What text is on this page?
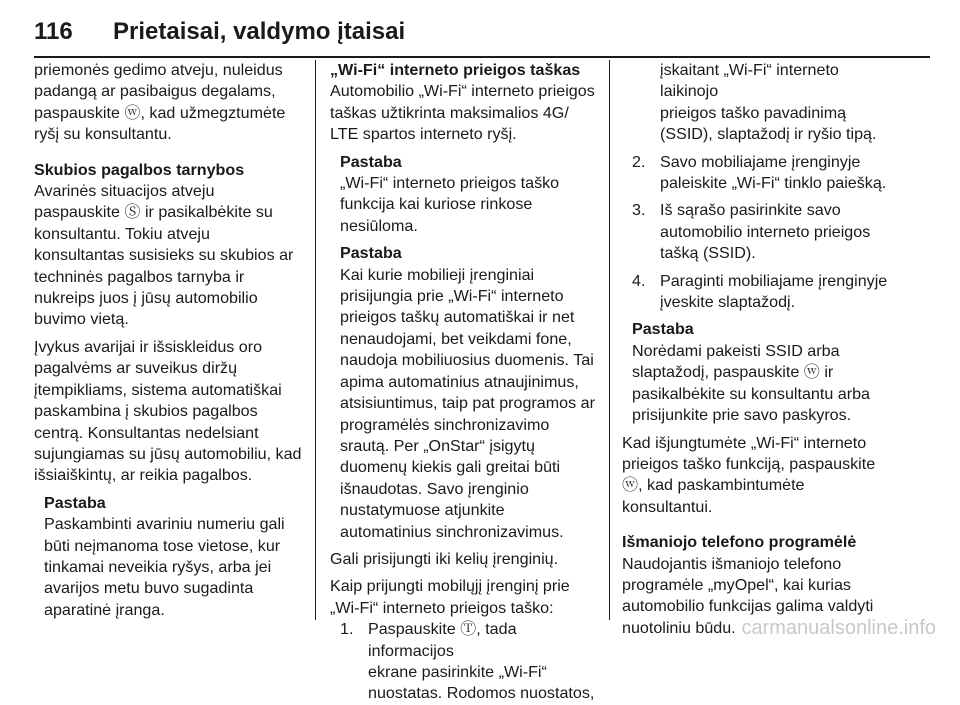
116 Prietaisai, valdymo įtaisai

priemonės gedimo atveju, nuleidus

padangą ar pasibaigus degalams,

paspauskite ⓦ, kad užmegztumėte

ryšį su konsultantu.

Skubios pagalbos tarnybos

Avarinės situacijos atveju

paspauskite Ⓢ ir pasikalbėkite su

konsultantu. Tokiu atveju

konsultantas susisieks su skubios ar

techninės pagalbos tarnyba ir

nukreips juos į jūsų automobilio

buvimo vietą.

Įvykus avarijai ir išsiskleidus oro

pagalvėms ar suveikus diržų

įtempikliams, sistema automatiškai

paskambina į skubios pagalbos

centrą. Konsultantas nedelsiant

sujungiamas su jūsų automobiliu, kad

išsiaiškintų, ar reikia pagalbos.

Pastaba

Paskambinti avariniu numeriu gali

būti neįmanoma tose vietose, kur

tinkamai neveikia ryšys, arba jei

avarijos metu buvo sugadinta

aparatinė įranga.

„Wi-Fi“ interneto prieigos taškas

Automobilio „Wi-Fi“ interneto prieigos

taškas užtikrinta maksimalios 4G/

LTE spartos interneto ryšį.

Pastaba

„Wi-Fi“ interneto prieigos taško

funkcija kai kuriose rinkose

nesiūloma.

Pastaba

Kai kurie mobilieji įrenginiai

prisijungia prie „Wi-Fi“ interneto

prieigos taškų automatiškai ir net

nenaudojami, bet veikdami fone,

naudoja mobiliuosius duomenis. Tai

apima automatinius atnaujinimus,

atsisiuntimus, taip pat programos ar

programėlės sinchronizavimo

srautą. Per „OnStar“ įsigytų

duomenų kiekis gali greitai būti

išnaudotas. Savo įrenginio

nustatymuose atjunkite

automatinius sinchronizavimus.

Gali prisijungti iki kelių įrenginių.

Kaip prijungti mobilųjį įrenginį prie

„Wi-Fi“ interneto prieigos taško:

1. Paspauskite Ⓣ, tada informacijos

ekrane pasirinkite „Wi-Fi“

nuostatas. Rodomos nuostatos,

įskaitant „Wi-Fi“ interneto laikinojo

prieigos taško pavadinimą

(SSID), slaptažodį ir ryšio tipą.

2. Savo mobiliajame įrenginyje

paleiskite „Wi-Fi“ tinklo paiešką.

3. Iš sąrašo pasirinkite savo

automobilio interneto prieigos

tašką (SSID).

4. Paraginti mobiliajame įrenginyje

įveskite slaptažodį.

Pastaba

Norėdami pakeisti SSID arba

slaptažodį, paspauskite ⓦ ir

pasikalbėkite su konsultantu arba

prisijunkite prie savo paskyros.

Kad išjungtumėte „Wi-Fi“ interneto

prieigos taško funkciją, paspauskite

ⓦ, kad paskambintumėte

konsultantui.

Išmaniojo telefono programėlė

Naudojantis išmaniojo telefono

programėle „myOpel“, kai kurias

automobilio funkcijas galima valdyti

nuotoliniu būdu. carmanualsonline.info
